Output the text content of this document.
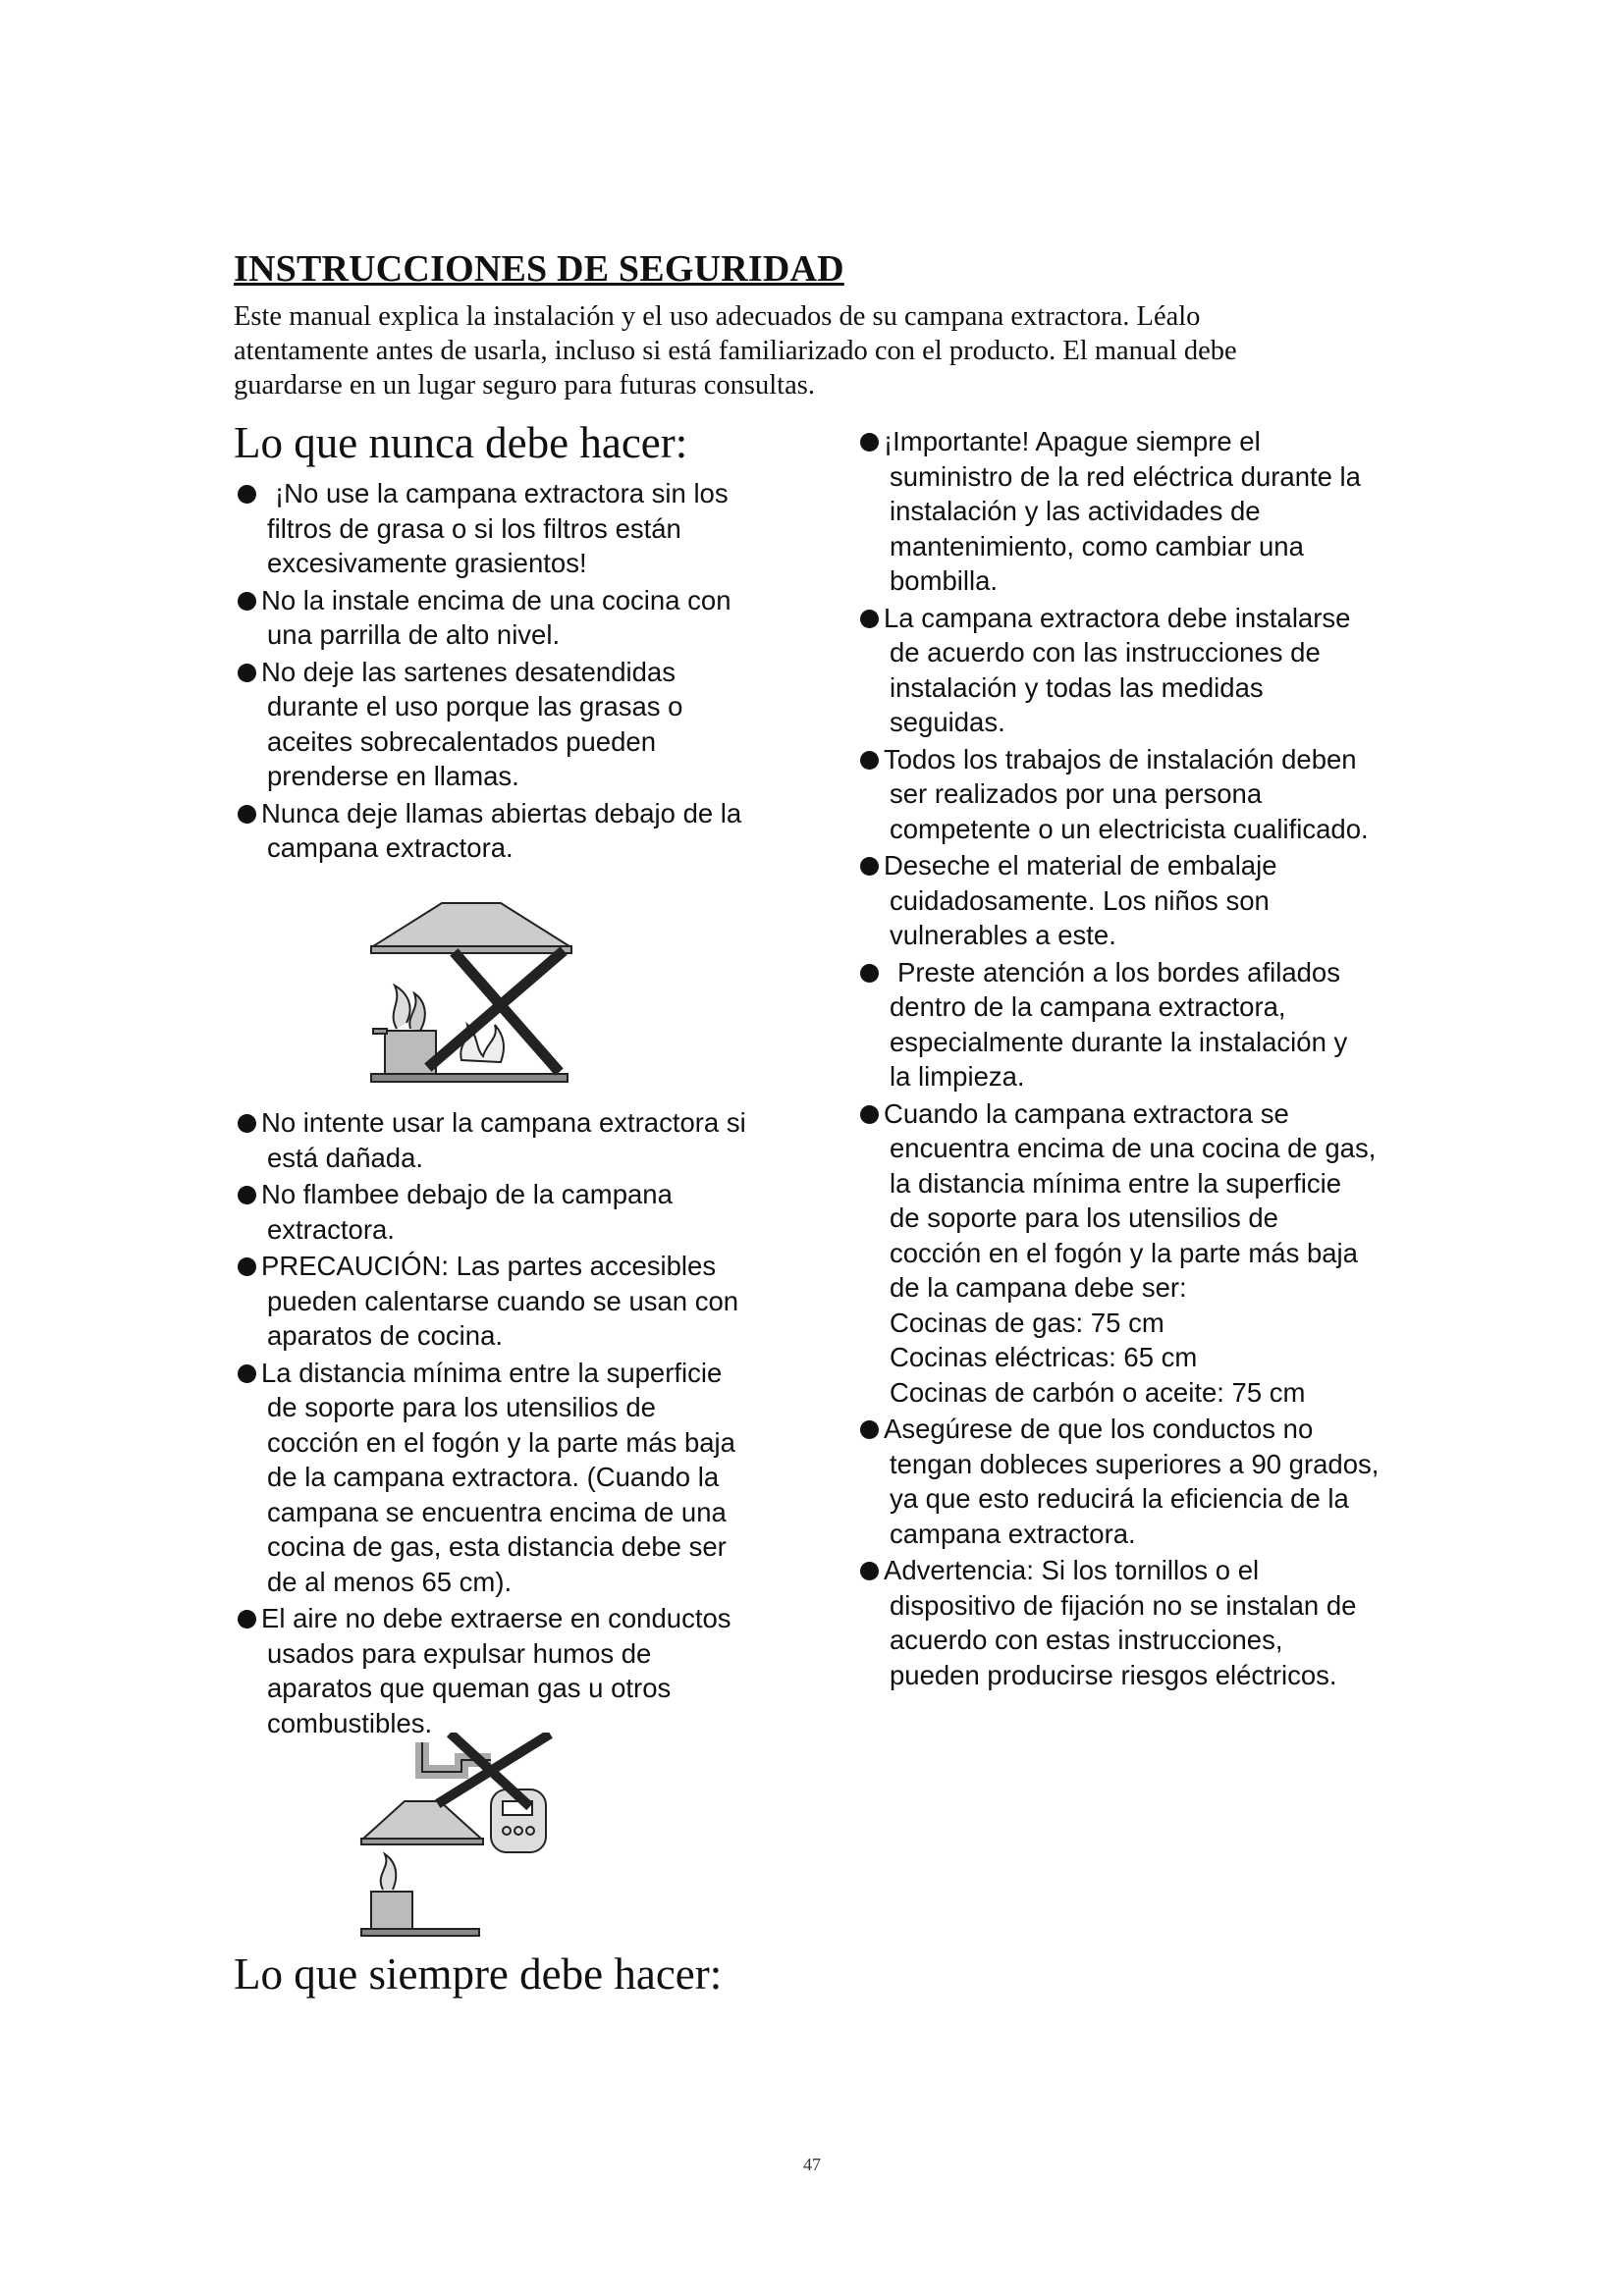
INSTRUCCIONES DE SEGURIDAD
Este manual explica la instalación y el uso adecuados de su campana extractora. Léalo
atentamente antes de usarla, incluso si está familiarizado con el producto. El manual debe
guardarse en un lugar seguro para futuras consultas.
Lo que nunca debe hacer:
¡No use la campana extractora sin los
filtros de grasa o si los filtros están
excesivamente grasientos!
No la instale encima de una cocina con
una parrilla de alto nivel.
No deje las sartenes desatendidas
durante el uso porque las grasas o
aceites sobrecalentados pueden
prenderse en llamas.
Nunca deje llamas abiertas debajo de la
campana extractora.
No intente usar la campana extractora si
está dañada.
No flambee debajo de la campana
extractora.
PRECAUCIÓN: Las partes accesibles
pueden calentarse cuando se usan con
aparatos de cocina.
La distancia mínima entre la superficie
de soporte para los utensilios de
cocción en el fogón y la parte más baja
de la campana extractora. (Cuando la
campana se encuentra encima de una
cocina de gas, esta distancia debe ser
de al menos 65 cm).
El aire no debe extraerse en conductos
usados para expulsar humos de
aparatos que queman gas u otros
combustibles.
Lo que siempre debe hacer:
¡Importante! Apague siempre el
suministro de la red eléctrica durante la
instalación y las actividades de
mantenimiento, como cambiar una
bombilla.
La campana extractora debe instalarse
de acuerdo con las instrucciones de
instalación y todas las medidas
seguidas.
Todos los trabajos de instalación deben
ser realizados por una persona
competente o un electricista cualificado.
Deseche el material de embalaje
cuidadosamente. Los niños son
vulnerables a este.
Preste atención a los bordes afilados
dentro de la campana extractora,
especialmente durante la instalación y
la limpieza.
Cuando la campana extractora se
encuentra encima de una cocina de gas,
la distancia mínima entre la superficie
de soporte para los utensilios de
cocción en el fogón y la parte más baja
de la campana debe ser:
Cocinas de gas: 75 cm
Cocinas eléctricas: 65 cm
Cocinas de carbón o aceite: 75 cm
Asegúrese de que los conductos no
tengan dobleces superiores a 90 grados,
ya que esto reducirá la eficiencia de la
campana extractora.
Advertencia: Si los tornillos o el
dispositivo de fijación no se instalan de
acuerdo con estas instrucciones,
pueden producirse riesgos eléctricos.
47
